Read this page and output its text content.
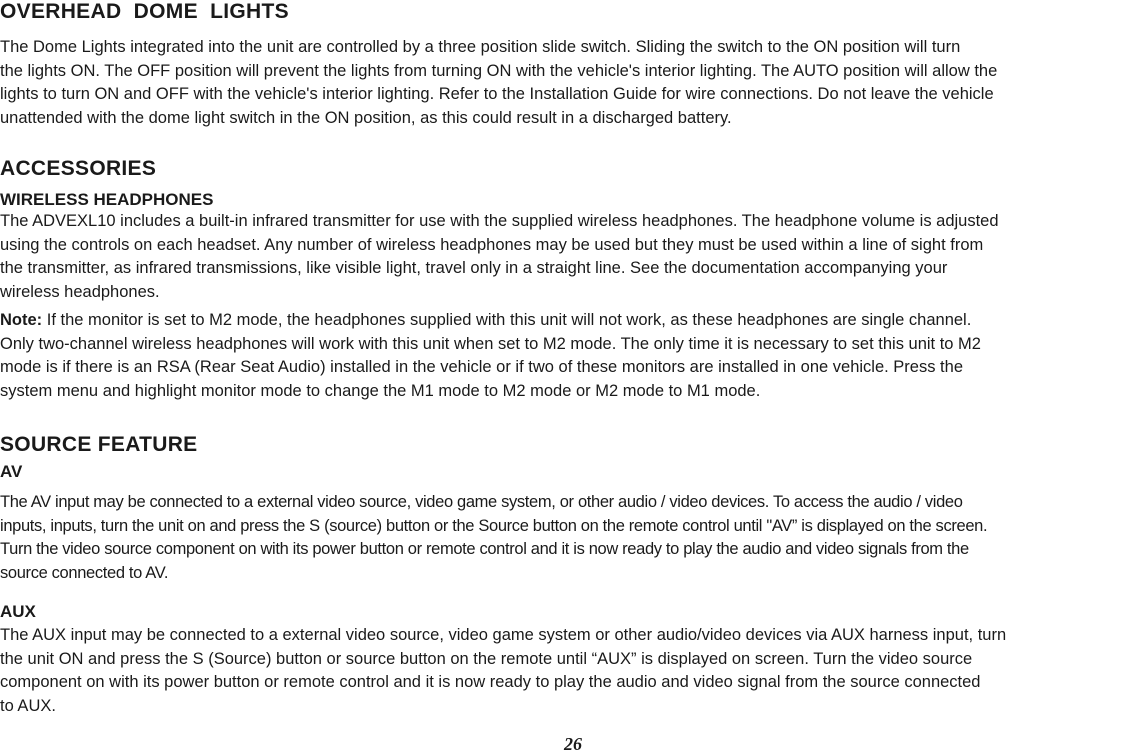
OVERHEAD  DOME  LIGHTS
The Dome Lights integrated into the unit are controlled by a three position slide switch. Sliding the switch to the ON position will turn
the lights ON. The OFF position will prevent the lights from turning ON with the vehicle's interior lighting. The AUTO position will allow the
lights to turn ON and OFF with the vehicle's interior lighting. Refer to the Installation Guide for wire connections. Do not leave the vehicle
unattended with the dome light switch in the ON position, as this could result in a discharged battery.
ACCESSORIES
WIRELESS HEADPHONES
The ADVEXL10 includes a built-in infrared transmitter for use with the supplied wireless headphones. The headphone volume is adjusted
using the controls on each headset. Any number of wireless headphones may be used but they must be used within a line of sight from
the transmitter, as infrared transmissions, like visible light, travel only in a straight line. See the documentation accompanying your
wireless headphones.
Note: If the monitor is set to M2 mode, the headphones supplied with this unit will not work, as these headphones are single channel.
Only two-channel wireless headphones will work with this unit when set to M2 mode. The only time it is necessary to set this unit to M2
mode is if there is an RSA (Rear Seat Audio) installed in the vehicle or if two of these monitors are installed in one vehicle. Press the
system menu and highlight monitor mode to change the M1 mode to M2 mode or M2 mode to M1 mode.
SOURCE FEATURE
AV
The AV input may be connected to a external video source, video game system, or other audio / video devices. To access the audio / video
inputs, inputs, turn the unit on and press the S (source) button or the Source button on the remote control until "AV” is displayed on the screen.
Turn the video source component on with its power button or remote control and it is now ready to play the audio and video signals from the
source connected to AV.
AUX
The AUX input may be connected to a external video source, video game system or other audio/video devices via AUX harness input, turn
the unit ON and press the S (Source) button or source button on the remote until “AUX” is displayed on screen. Turn the video source
component on with its power button or remote control and it is now ready to play the audio and video signal from the source connected
to AUX.
26
